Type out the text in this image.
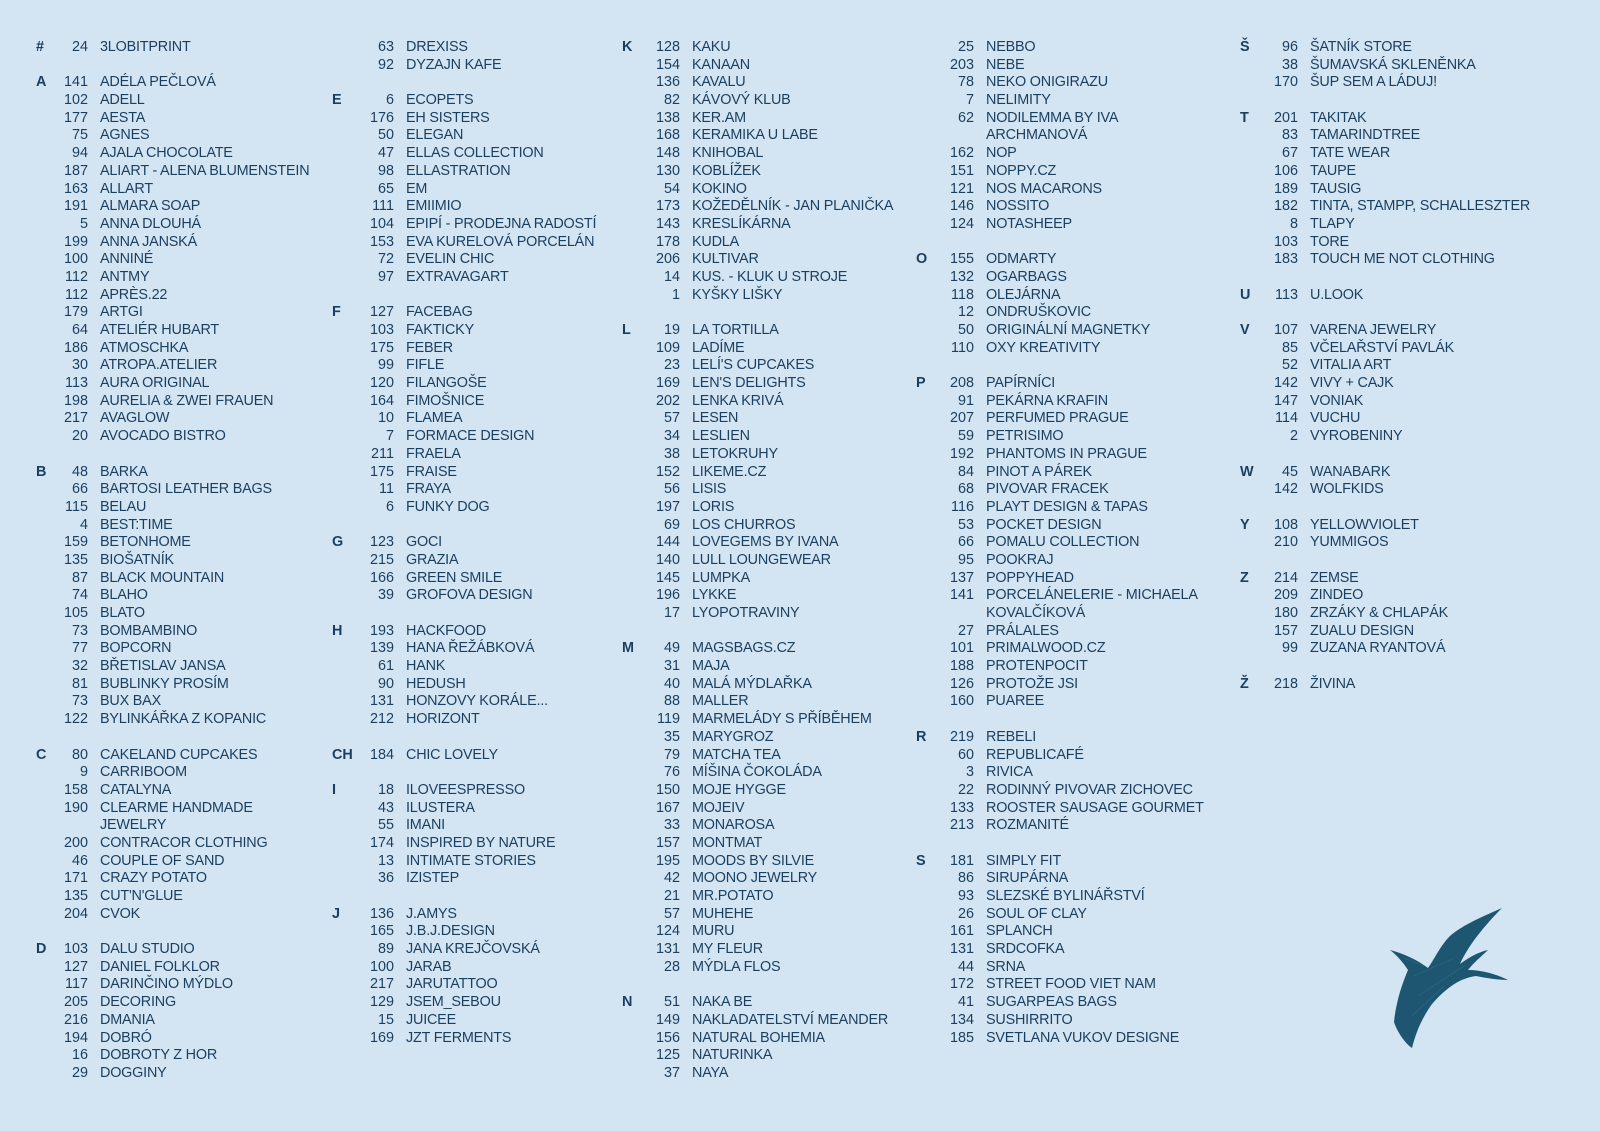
#	24 3LOBITPRINT
A	141 ADÉLA PEČLOVÁ
102 ADELL
177 AESTA
75 AGNES
94 AJALA CHOCOLATE
187 ALIART - ALENA BLUMENSTEIN
163 ALLART
191 ALMARA SOAP
5 ANNA DLOUHÁ
199 ANNA JANSKÁ
100 ANNINÉ
112 ANTMY
112 APRÈS.22
179 ARTGI
64 ATELIÉR HUBART
186 ATMOSCHKA
30 ATROPA.ATELIER
113 AURA ORIGINAL
198 AURELIA & ZWEI FRAUEN
217 AVAGLOW
20 AVOCADO BISTRO
B	48 BARKA
66 BARTOSI LEATHER BAGS
115 BELAU
4 BEST:TIME
159 BETONHOME
135 BIOŠATNÍK
87 BLACK MOUNTAIN
74 BLAHO
105 BLATO
73 BOMBAMBINO
77 BOPCORN
32 BŘETISLAV JANSA
81 BUBLINKY PROSÍM
73 BUX BAX
122 BYLINKÁŘKA Z KOPANIC
C	80 CAKELAND CUPCAKES
9 CARRIBOOM
158 CATALYNA
190 CLEARME HANDMADE
JEWELRY
200 CONTRACOR CLOTHING
46 COUPLE OF SAND
171 CRAZY POTATO
135 CUT'N'GLUE
204 CVOK
D	103 DALU STUDIO
127 DANIEL FOLKLOR
117 DARINČINO MÝDLO
205 DECORING
216 DMANIA
194 DOBRÓ
16 DOBROTY Z HOR
29 DOGGINY
63 DREXISS
92 DYZAJN KAFE
E	6 ECOPETS
176 EH SISTERS
50 ELEGAN
47 ELLAS COLLECTION
98 ELLASTRATION
65 EM
111 EMIIMIO
104 EPIPÍ - PRODEJNA RADOSTÍ
153 EVA KURELOVÁ PORCELÁN
72 EVELIN CHIC
97 EXTRAVAGART
F	127 FACEBAG
103 FAKTICKY
175 FEBER
99 FIFLE
120 FILANGOŠE
164 FIMOŠNICE
10 FLAMEA
7 FORMACE DESIGN
211 FRAELA
175 FRAISE
11 FRAYA
6 FUNKY DOG
G	123 GOCI
215 GRAZIA
166 GREEN SMILE
39 GROFOVA DESIGN
H	193 HACKFOOD
139 HANA ŘEŽÁBKOVÁ
61 HANK
90 HEDUSH
131 HONZOVY KORÁLE...
212 HORIZONT
CH	184 CHIC LOVELY
I	18 ILOVEESPRESSO
43 ILUSTERA
55 IMANI
174 INSPIRED BY NATURE
13 INTIMATE STORIES
36 IZISTEP
J	136 J.AMYS
165 J.B.J.DESIGN
89 JANA KREJČOVSKÁ
100 JARAB
217 JARUTATTOO
129 JSEM_SEBOU
15 JUICEE
169 JZT FERMENTS
K	128 KAKU
154 KANAAN
136 KAVALU
82 KÁVOVÝ KLUB
138 KER.AM
168 KERAMIKA U LABE
148 KNIHOBAL
130 KOBLÍŽEK
54 KOKINO
173 KOŽEDĚLNÍK - JAN PLANIČKA
143 KRESLÍKÁRNA
178 KUDLA
206 KULTIVAR
14 KUS. - KLUK U STROJE
1 KYŠKY LIŠKY
L	19 LA TORTILLA
109 LADÍME
23 LELÍ'S CUPCAKES
169 LEN'S DELIGHTS
202 LENKA KRIVÁ
57 LESEN
34 LESLIEN
38 LETOKRUHY
152 LIKEME.CZ
56 LISIS
197 LORIS
69 LOS CHURROS
144 LOVEGEMS BY IVANA
140 LULL LOUNGEWEAR
145 LUMPKA
196 LYKKE
17 LYOPOTRAVINY
M	49 MAGSBAGS.CZ
31 MAJA
40 MALÁ MÝDLAŘKA
88 MALLER
119 MARMELÁDY S PŘÍBĚHEM
35 MARYGROZ
79 MATCHA TEA
76 MÍŠINA ČOKOLÁDA
150 MOJE HYGGE
167 MOJEIV
33 MONAROSA
157 MONTMAT
195 MOODS BY SILVIE
42 MOONO JEWELRY
21 MR.POTATO
57 MUHEHE
124 MURU
131 MY FLEUR
28 MÝDLA FLOS
N	51 NAKA BE
149 NAKLADATELSTVÍ MEANDER
156 NATURAL BOHEMIA
125 NATURINKA
37 NAYA
25 NEBBO
203 NEBE
78 NEKO ONIGIRAZU
7 NELIMITY
62 NODILEMMA BY IVA
ARCHMANOVÁ
162 NOP
151 NOPPY.CZ
121 NOS MACARONS
146 NOSSITO
124 NOTASHEEP
O	155 ODMARTY
132 OGARBAGS
118 OLEJÁRNA
12 ONDRUŠKOVIC
50 ORIGINÁLNÍ MAGNETKY
110 OXY KREATIVITY
P	208 PAPÍRNÍCI
91 PEKÁRNA KRAFIN
207 PERFUMED PRAGUE
59 PETRISIMO
192 PHANTOMS IN PRAGUE
84 PINOT A PÁREK
68 PIVOVAR FRACEK
116 PLAYT DESIGN & TAPAS
53 POCKET DESIGN
66 POMALU COLLECTION
95 POOKRAJ
137 POPPYHEAD
141 PORCELÁNELERIE - MICHAELA
KOVALČÍKOVÁ
27 PRÁLALES
101 PRIMALWOOD.CZ
188 PROTENPOCIT
126 PROTOŽE JSI
160 PUAREE
R	219 REBELI
60 REPUBLICAFÉ
3 RIVICA
22 RODINNÝ PIVOVAR ZICHOVEC
133 ROOSTER SAUSAGE GOURMET
213 ROZMANITÉ
S	181 SIMPLY FIT
86 SIRUPÁRNA
93 SLEZSKÉ BYLINÁŘSTVÍ
26 SOUL OF CLAY
161 SPLANCH
131 SRDCOFKA
44 SRNA
172 STREET FOOD VIET NAM
41 SUGARPEAS BAGS
134 SUSHIRRITO
185 SVETLANA VUKOV DESIGNE
Š	96 ŠATNÍK STORE
38 ŠUMAVSKÁ SKLENĚNKA
170 ŠUP SEM A LÁDUJ!
T	201 TAKITAK
83 TAMARINDTREE
67 TATE WEAR
106 TAUPE
189 TAUSIG
182 TINTA, STAMPP, SCHALLESZTER
8 TLAPY
103 TORE
183 TOUCH ME NOT CLOTHING
U	113 U.LOOK
V	107 VARENA JEWELRY
85 VČELAŘSTVÍ PAVLÁK
52 VITALIA ART
142 VIVY + CAJK
147 VONIAK
114 VUCHU
2 VYROBENINY
W	45 WANABARK
142 WOLFKIDS
Y	108 YELLOWVIOLET
210 YUMMIGOS
Z	214 ZEMSE
209 ZINDEO
180 ZRZÁKY & CHLAPÁK
157 ZUALU DESIGN
99 ZUZANA RYANTOVÁ
Ž	218 ŽIVINA
